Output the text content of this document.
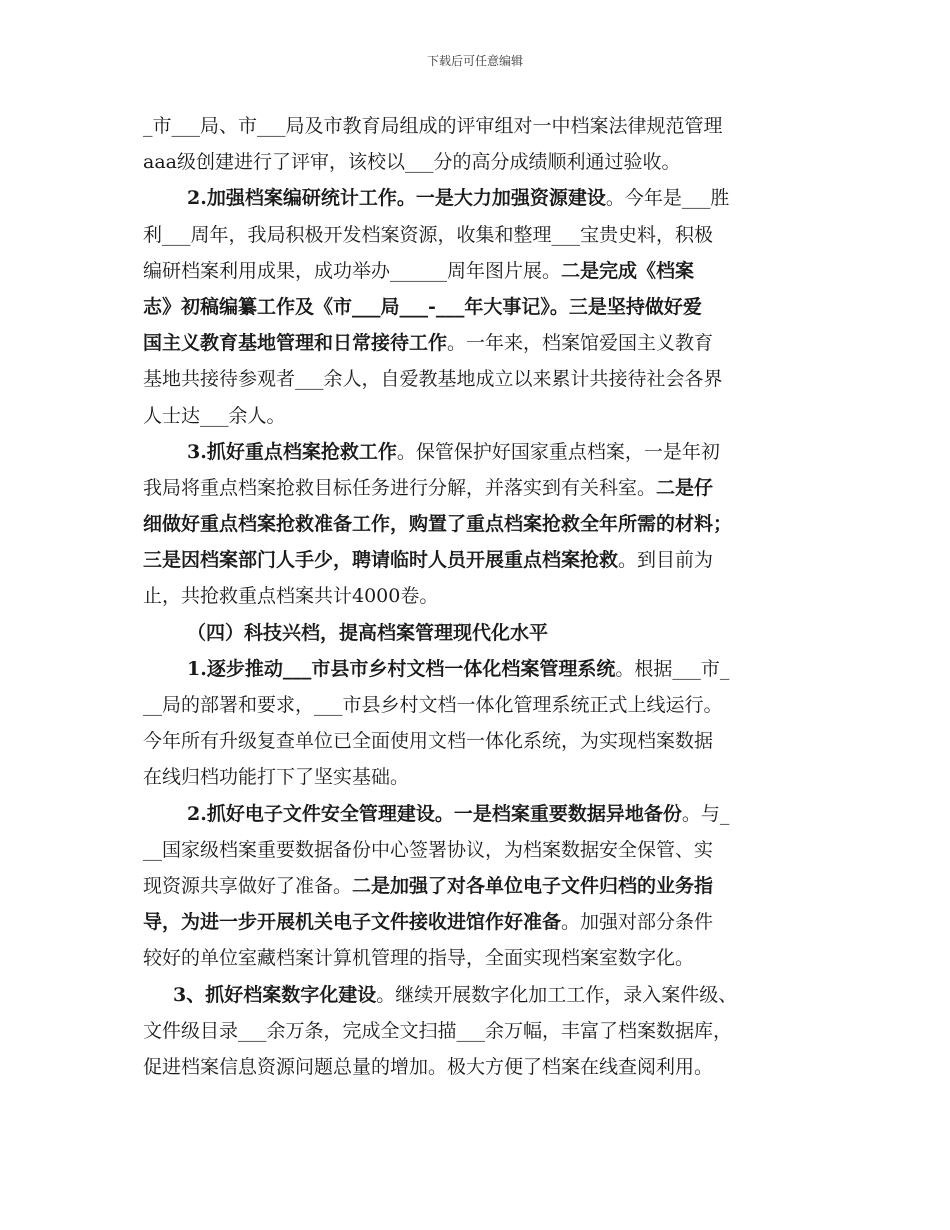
下载后可任意编辑
_市___局、市___局及市教育局组成的评审组对一中档案法律规范管理
aaa级创建进行了评审，该校以___分的高分成绩顺利通过验收。
2.加强档案编研统计工作。一是大力加强资源建设。今年是___胜
利___周年，我局积极开发档案资源，收集和整理___宝贵史料，积极
编研档案利用成果，成功举办______周年图片展。二是完成《档案
志》初稿编纂工作及《市___局___-___年大事记》。三是坚持做好爱
国主义教育基地管理和日常接待工作。一年来，档案馆爱国主义教育
基地共接待参观者___余人，自爱教基地成立以来累计共接待社会各界
人士达___余人。
3.抓好重点档案抢救工作。保管保护好国家重点档案，一是年初
我局将重点档案抢救目标任务进行分解，并落实到有关科室。二是仔
细做好重点档案抢救准备工作，购置了重点档案抢救全年所需的材料；
三是因档案部门人手少，聘请临时人员开展重点档案抢救。到目前为
止，共抢救重点档案共计4000卷。
（四）科技兴档，提高档案管理现代化水平
1.逐步推动___市县市乡村文档一体化档案管理系统。根据___市_
__局的部署和要求，___市县乡村文档一体化管理系统正式上线运行。
今年所有升级复查单位已全面使用文档一体化系统，为实现档案数据
在线归档功能打下了坚实基础。
2.抓好电子文件安全管理建设。一是档案重要数据异地备份。与_
__国家级档案重要数据备份中心签署协议，为档案数据安全保管、实
现资源共享做好了准备。二是加强了对各单位电子文件归档的业务指
导，为进一步开展机关电子文件接收进馆作好准备。加强对部分条件
较好的单位室藏档案计算机管理的指导，全面实现档案室数字化。
3、抓好档案数字化建设。继续开展数字化加工工作，录入案件级、
文件级目录___余万条，完成全文扫描___余万幅，丰富了档案数据库，
促进档案信息资源问题总量的增加。极大方便了档案在线查阅利用。
